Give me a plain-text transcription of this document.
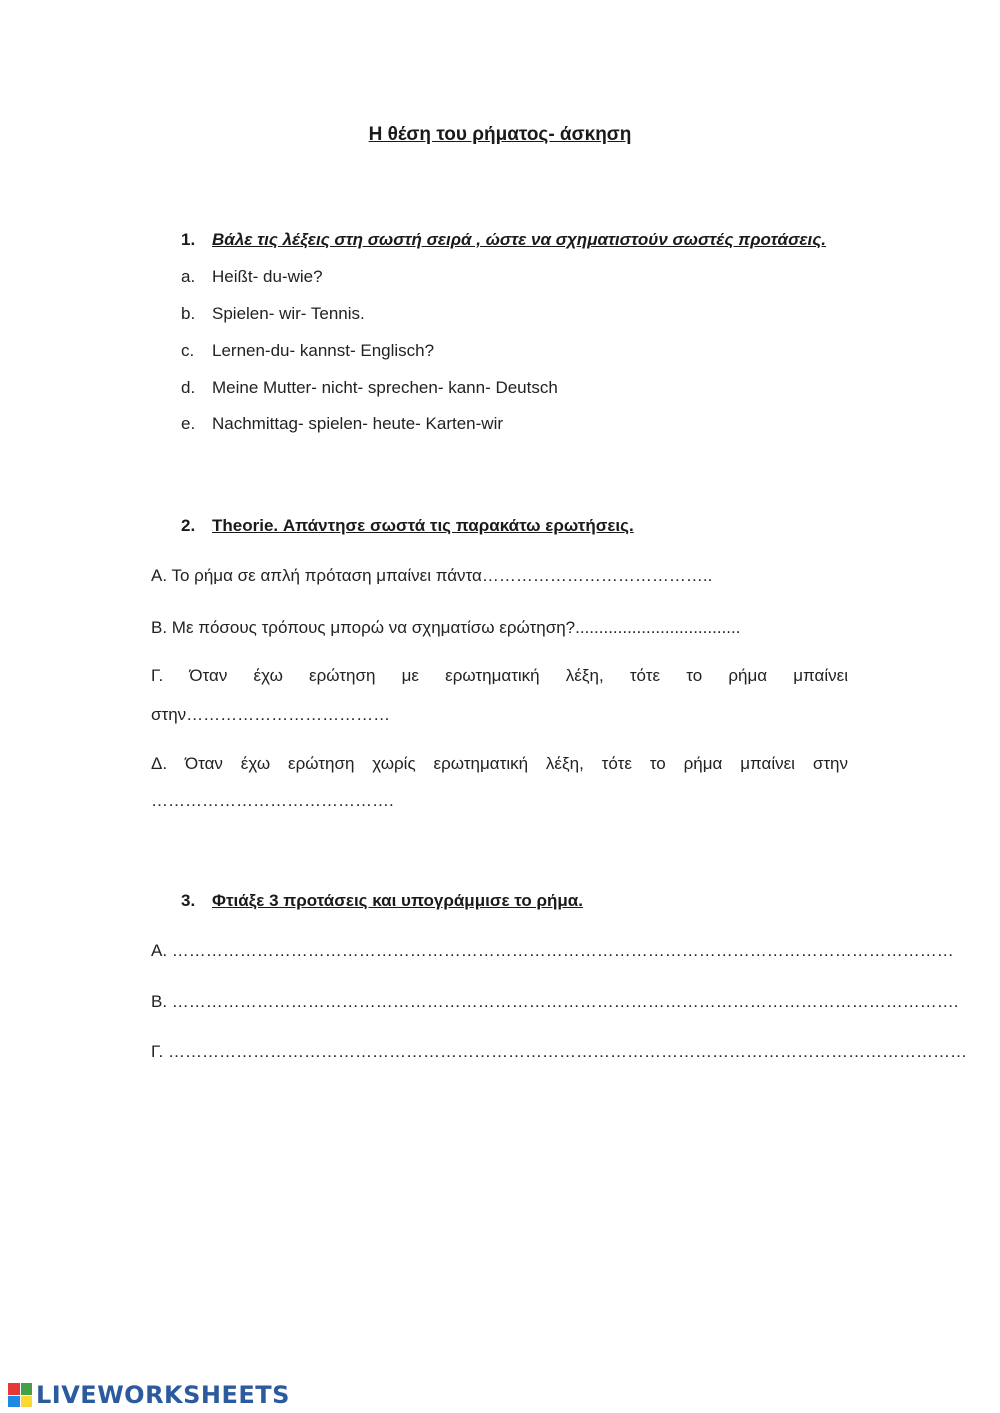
Η θέση του ρήματος- άσκηση
1. Βάλε τις λέξεις στη σωστή σειρά , ώστε να σχηματιστούν σωστές προτάσεις.
a. Heißt- du-wie?
b. Spielen- wir- Tennis.
c. Lernen-du- kannst- Englisch?
d. Meine Mutter- nicht- sprechen- kann- Deutsch
e. Nachmittag- spielen- heute- Karten-wir
2. Theorie. Απάντησε σωστά τις παρακάτω ερωτήσεις.
Α. Το ρήμα σε απλή πρόταση μπαίνει πάντα…………………………………..
Β. Με πόσους τρόπους μπορώ να σχηματίσω ερώτηση?...................................
Γ. Όταν έχω ερώτηση με ερωτηματική λέξη, τότε το ρήμα μπαίνει
στην………………………………
Δ. Όταν έχω ερώτηση χωρίς ερωτηματική λέξη, τότε το ρήμα μπαίνει στην
…………………………………….
3. Φτιάξε 3 προτάσεις και υπογράμμισε το ρήμα.
Α. …………………………………………………………………………………………………………………………
Β. ………………………………………………………………………………………………………………………….
Γ. ……………………………………………………………………………………………………………………………
LIVEWORKSHEETS
